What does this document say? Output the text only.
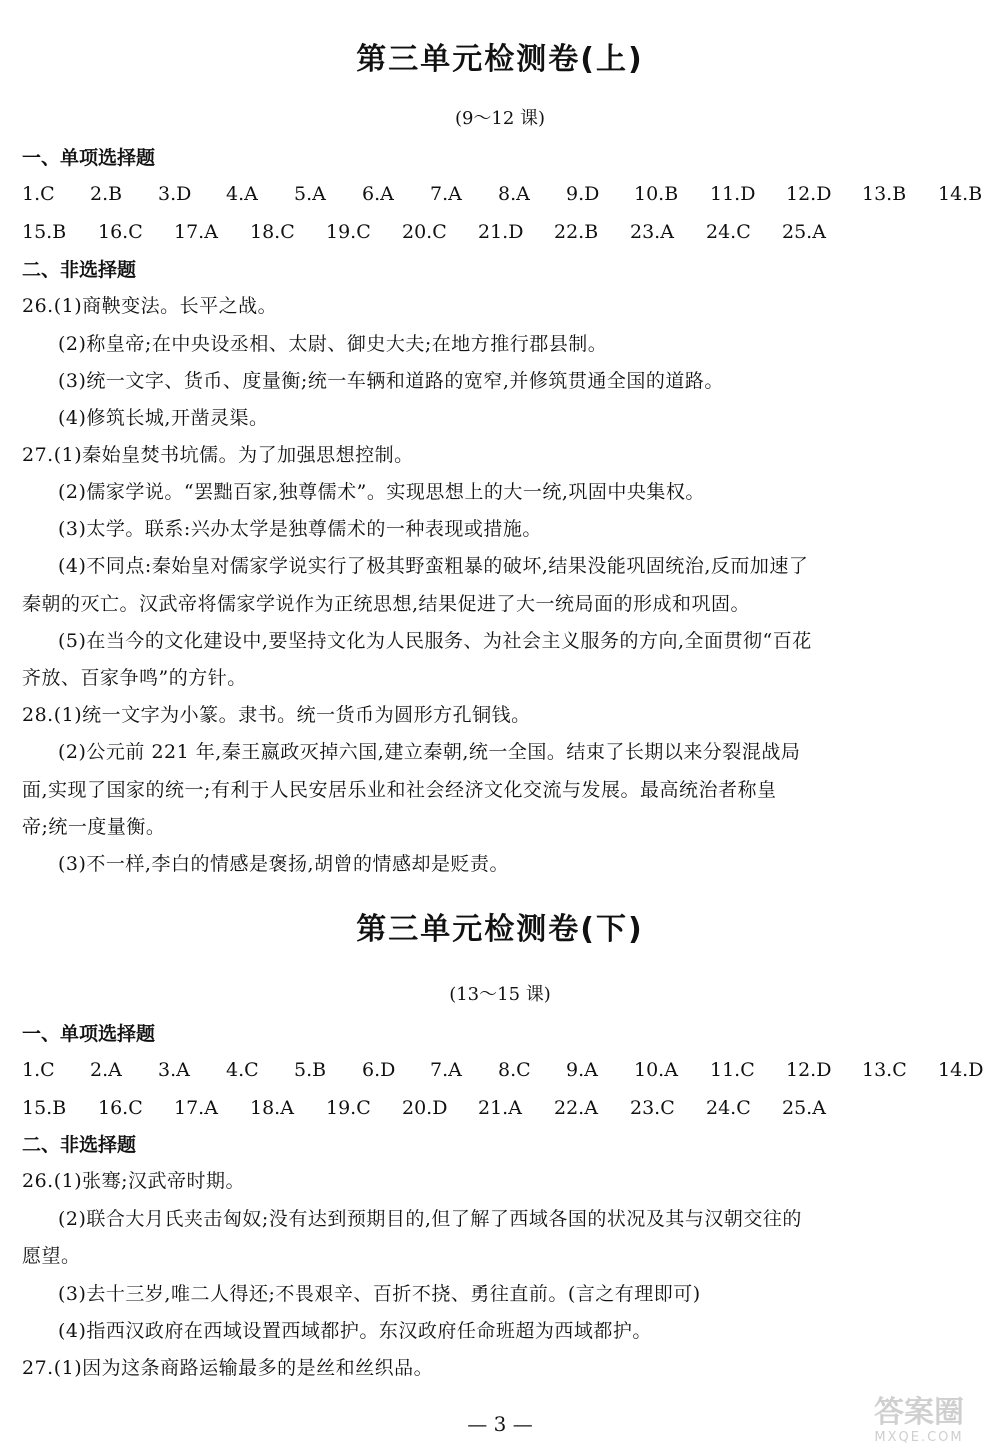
第三单元检测卷(上)
(9～12 课)
一、单项选择题
1.C 2.B 3.D 4.A 5.A 6.A 7.A 8.A 9.D 10.B 11.D 12.D 13.B 14.B
15.B 16.C 17.A 18.C 19.C 20.C 21.D 22.B 23.A 24.C 25.A
二、非选择题
26.(1)商鞅变法。长平之战。
(2)称皇帝;在中央设丞相、太尉、御史大夫;在地方推行郡县制。
(3)统一文字、货币、度量衡;统一车辆和道路的宽窄,并修筑贯通全国的道路。
(4)修筑长城,开凿灵渠。
27.(1)秦始皇焚书坑儒。为了加强思想控制。
(2)儒家学说。“罢黜百家,独尊儒术”。实现思想上的大一统,巩固中央集权。
(3)太学。联系:兴办太学是独尊儒术的一种表现或措施。
(4)不同点:秦始皇对儒家学说实行了极其野蛮粗暴的破坏,结果没能巩固统治,反而加速了
秦朝的灭亡。汉武帝将儒家学说作为正统思想,结果促进了大一统局面的形成和巩固。
(5)在当今的文化建设中,要坚持文化为人民服务、为社会主义服务的方向,全面贯彻“百花
齐放、百家争鸣”的方针。
28.(1)统一文字为小篆。隶书。统一货币为圆形方孔铜钱。
(2)公元前 221 年,秦王嬴政灭掉六国,建立秦朝,统一全国。结束了长期以来分裂混战局
面,实现了国家的统一;有利于人民安居乐业和社会经济文化交流与发展。最高统治者称皇
帝;统一度量衡。
(3)不一样,李白的情感是褒扬,胡曾的情感却是贬责。
第三单元检测卷(下)
(13～15 课)
一、单项选择题
1.C 2.A 3.A 4.C 5.B 6.D 7.A 8.C 9.A 10.A 11.C 12.D 13.C 14.D
15.B 16.C 17.A 18.A 19.C 20.D 21.A 22.A 23.C 24.C 25.A
二、非选择题
26.(1)张骞;汉武帝时期。
(2)联合大月氏夹击匈奴;没有达到预期目的,但了解了西域各国的状况及其与汉朝交往的
愿望。
(3)去十三岁,唯二人得还;不畏艰辛、百折不挠、勇往直前。(言之有理即可)
(4)指西汉政府在西域设置西域都护。东汉政府任命班超为西域都护。
27.(1)因为这条商路运输最多的是丝和丝织品。
— 3 —	答案圈
MXQE.COM
